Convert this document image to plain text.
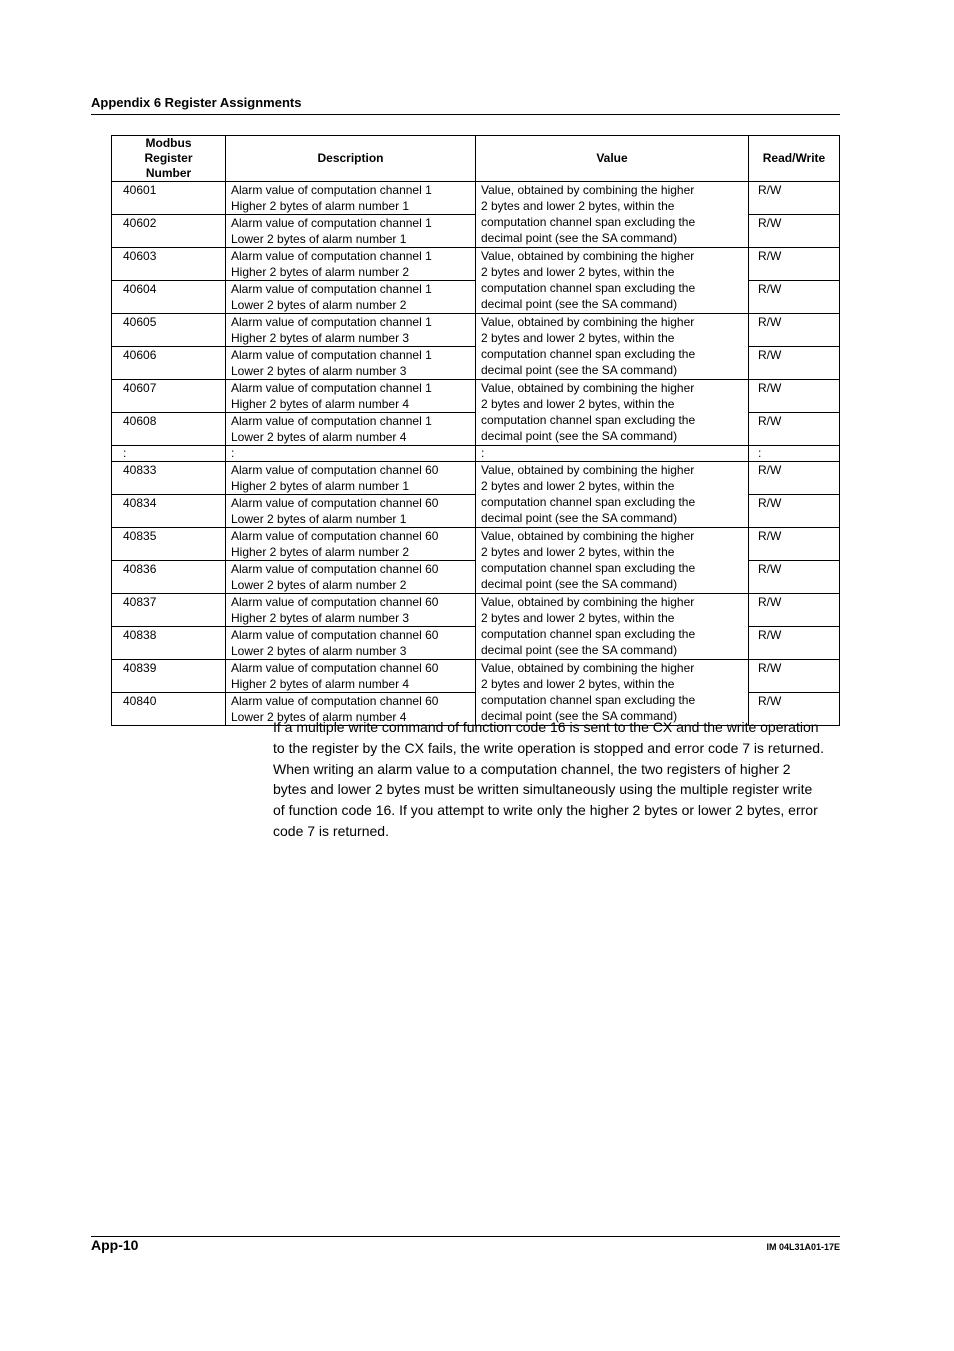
Appendix 6 Register Assignments
Modbus Register Number	Description	Value	Read/Write
40601	Alarm value of computation channel 1
Higher 2 bytes of alarm number 1	Value, obtained by combining the higher
2 bytes and lower 2 bytes, within the
computation channel span excluding the
decimal point (see the SA command)	R/W
40602	Alarm value of computation channel 1
Lower 2 bytes of alarm number 1		R/W
40603	Alarm value of computation channel 1
Higher 2 bytes of alarm number 2	Value, obtained by combining the higher
2 bytes and lower 2 bytes, within the
computation channel span excluding the
decimal point (see the SA command)	R/W
40604	Alarm value of computation channel 1
Lower 2 bytes of alarm number 2		R/W
40605	Alarm value of computation channel 1
Higher 2 bytes of alarm number 3	Value, obtained by combining the higher
2 bytes and lower 2 bytes, within the
computation channel span excluding the
decimal point (see the SA command)	R/W
40606	Alarm value of computation channel 1
Lower 2 bytes of alarm number 3		R/W
40607	Alarm value of computation channel 1
Higher 2 bytes of alarm number 4	Value, obtained by combining the higher
2 bytes and lower 2 bytes, within the
computation channel span excluding the
decimal point (see the SA command)	R/W
40608	Alarm value of computation channel 1
Lower 2 bytes of alarm number 4		R/W
:	:	:	:
40833	Alarm value of computation channel 60
Higher 2 bytes of alarm number 1	Value, obtained by combining the higher
2 bytes and lower 2 bytes, within the
computation channel span excluding the
decimal point (see the SA command)	R/W
40834	Alarm value of computation channel 60
Lower 2 bytes of alarm number 1		R/W
40835	Alarm value of computation channel 60
Higher 2 bytes of alarm number 2	Value, obtained by combining the higher
2 bytes and lower 2 bytes, within the
computation channel span excluding the
decimal point (see the SA command)	R/W
40836	Alarm value of computation channel 60
Lower 2 bytes of alarm number 2		R/W
40837	Alarm value of computation channel 60
Higher 2 bytes of alarm number 3	Value, obtained by combining the higher
2 bytes and lower 2 bytes, within the
computation channel span excluding the
decimal point (see the SA command)	R/W
40838	Alarm value of computation channel 60
Lower 2 bytes of alarm number 3		R/W
40839	Alarm value of computation channel 60
Higher 2 bytes of alarm number 4	Value, obtained by combining the higher
2 bytes and lower 2 bytes, within the
computation channel span excluding the
decimal point (see the SA command)	R/W
40840	Alarm value of computation channel 60
Lower 2 bytes of alarm number 4		R/W
If a multiple write command of function code 16 is sent to the CX and the write operation
to the register by the CX fails, the write operation is stopped and error code 7 is returned.
When writing an alarm value to a computation channel, the two registers of higher 2
bytes and lower 2 bytes must be written simultaneously using the multiple register write
of function code 16. If you attempt to write only the higher 2 bytes or lower 2 bytes, error
code 7 is returned.
App-10	IM 04L31A01-17E
